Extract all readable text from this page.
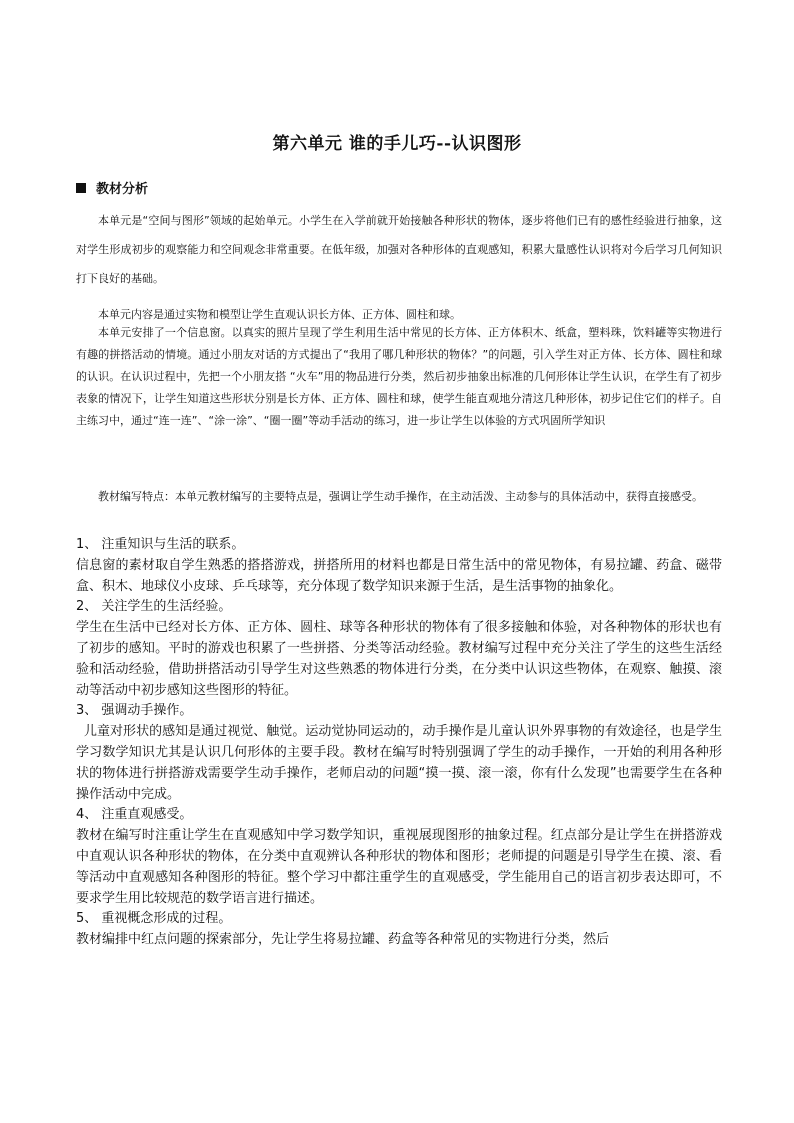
第六单元 谁的手儿巧--认识图形
教材分析

本单元是“空间与图形”领域的起始单元。小学生在入学前就开始接触各种形状的物体，逐步将他们已有的感性经验进行抽象，这对学生形成初步的观察能力和空间观念非常重要。在低年级，加强对各种形体的直观感知，积累大量感性认识将对今后学习几何知识打下良好的基础。

本单元内容是通过实物和模型让学生直观认识长方体、正方体、圆柱和球。

本单元安排了一个信息窗。以真实的照片呈现了学生利用生活中常见的长方体、正方体积木、纸盒，塑料珠，饮料罐等实物进行有趣的拼搭活动的情境。通过小朋友对话的方式提出了“我用了哪几种形状的物体？”的问题，引入学生对正方体、长方体、圆柱和球的认识。在认识过程中，先把一个小朋友搭 “火车”用的物品进行分类，然后初步抽象出标准的几何形体让学生认识，在学生有了初步表象的情况下，让学生知道这些形状分别是长方体、正方体、圆柱和球，使学生能直观地分清这几种形体，初步记住它们的样子。自主练习中，通过“连一连”、“涂一涂”、“圈一圈”等动手活动的练习，进一步让学生以体验的方式巩固所学知识

教材编写特点：本单元教材编写的主要特点是，强调让学生动手操作，在主动活泼、主动参与的具体活动中，获得直接感受。

1、 注重知识与生活的联系。

信息窗的素材取自学生熟悉的搭搭游戏，拼搭所用的材料也都是日常生活中的常见物体，有易拉罐、药盒、磁带盒、积木、地球仪小皮球、乒乓球等，充分体现了数学知识来源于生活，是生活事物的抽象化。

2、 关注学生的生活经验。

学生在生活中已经对长方体、正方体、圆柱、球等各种形状的物体有了很多接触和体验，对各种物体的形状也有了初步的感知。平时的游戏也积累了一些拼搭、分类等活动经验。教材编写过程中充分关注了学生的这些生活经验和活动经验，借助拼搭活动引导学生对这些熟悉的物体进行分类，在分类中认识这些物体，在观察、触摸、滚动等活动中初步感知这些图形的特征。

3、 强调动手操作。

儿童对形状的感知是通过视觉、触觉。运动觉协同运动的，动手操作是儿童认识外界事物的有效途径，也是学生学习数学知识尤其是认识几何形体的主要手段。教材在编写时特别强调了学生的动手操作，一开始的利用各种形状的物体进行拼搭游戏需要学生动手操作，老师启动的问题“摸一摸、滚一滚，你有什么发现”也需要学生在各种操作活动中完成。

4、 注重直观感受。

教材在编写时注重让学生在直观感知中学习数学知识，重视展现图形的抽象过程。红点部分是让学生在拼搭游戏中直观认识各种形状的物体，在分类中直观辨认各种形状的物体和图形；老师提的问题是引导学生在摸、滚、看等活动中直观感知各种图形的特征。整个学习中都注重学生的直观感受，学生能用自己的语言初步表达即可，不要求学生用比较规范的数学语言进行描述。

5、 重视概念形成的过程。

教材编排中红点问题的探索部分，先让学生将易拉罐、药盒等各种常见的实物进行分类，然后
